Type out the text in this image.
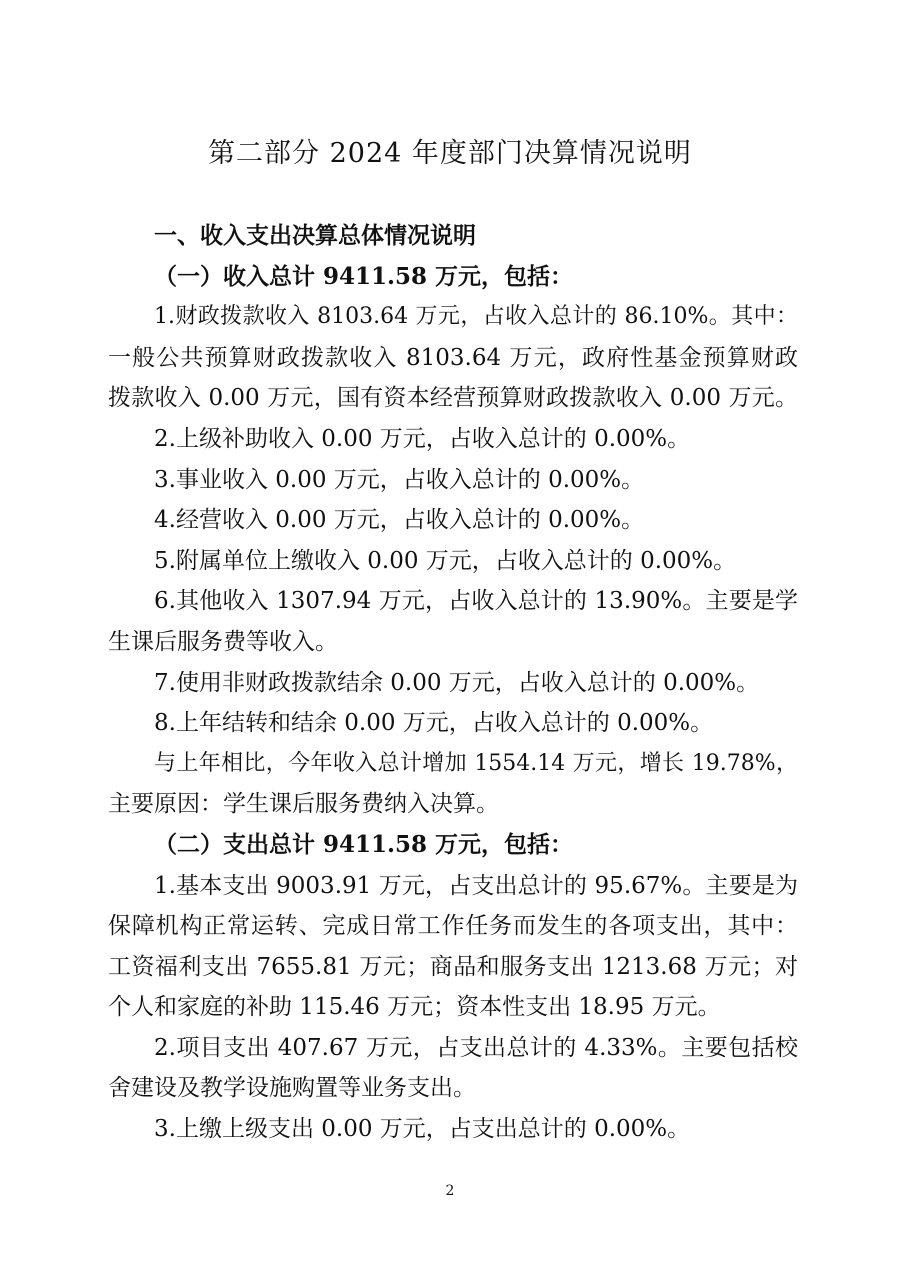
第二部分 2024 年度部门决算情况说明
一、收入支出决算总体情况说明
（一）收入总计 9411.58 万元，包括：
1.财政拨款收入 8103.64 万元，占收入总计的 86.10%。其中：
一般公共预算财政拨款收入 8103.64 万元，政府性基金预算财政
拨款收入 0.00 万元，国有资本经营预算财政拨款收入 0.00 万元。
2.上级补助收入 0.00 万元，占收入总计的 0.00%。
3.事业收入 0.00 万元，占收入总计的 0.00%。
4.经营收入 0.00 万元，占收入总计的 0.00%。
5.附属单位上缴收入 0.00 万元，占收入总计的 0.00%。
6.其他收入 1307.94 万元，占收入总计的 13.90%。主要是学
生课后服务费等收入。
7.使用非财政拨款结余 0.00 万元，占收入总计的 0.00%。
8.上年结转和结余 0.00 万元，占收入总计的 0.00%。
与上年相比，今年收入总计增加 1554.14 万元，增长 19.78%，
主要原因：学生课后服务费纳入决算。
（二）支出总计 9411.58 万元，包括：
1.基本支出 9003.91 万元，占支出总计的 95.67%。主要是为
保障机构正常运转、完成日常工作任务而发生的各项支出，其中：
工资福利支出 7655.81 万元；商品和服务支出 1213.68 万元；对
个人和家庭的补助 115.46 万元；资本性支出 18.95 万元。
2.项目支出 407.67 万元，占支出总计的 4.33%。主要包括校
舍建设及教学设施购置等业务支出。
3.上缴上级支出 0.00 万元，占支出总计的 0.00%。
2
